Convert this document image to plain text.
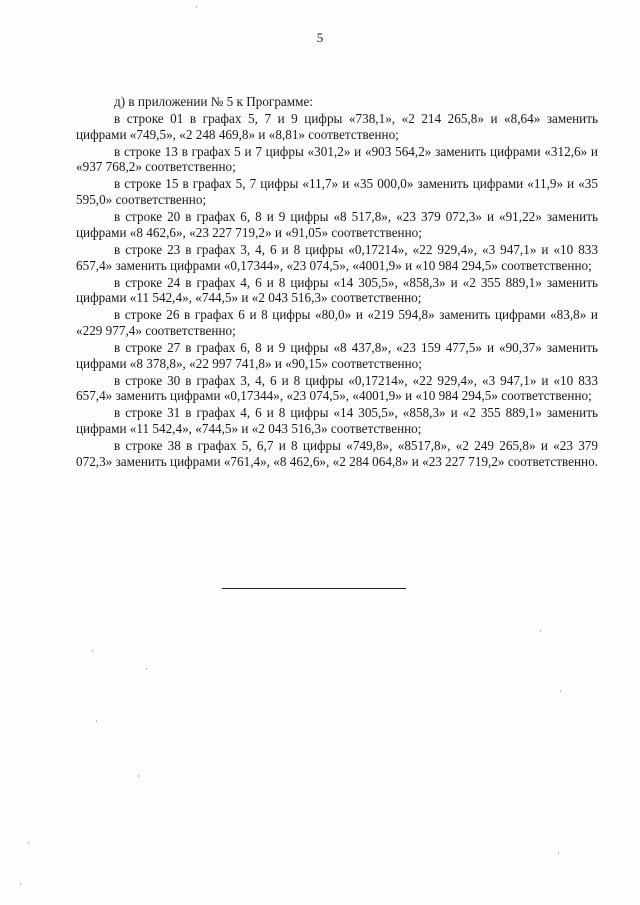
5

д) в приложении № 5 к Программе:

в строке 01 в графах 5, 7 и 9 цифры «738,1», «2 214 265,8» и «8,64» заменить цифрами «749,5», «2 248 469,8» и «8,81» соответственно;

в строке 13 в графах 5 и 7 цифры «301,2» и «903 564,2» заменить цифрами «312,6» и «937 768,2» соответственно;

в строке 15 в графах 5, 7 цифры «11,7» и «35 000,0» заменить цифрами «11,9» и «35 595,0» соответственно;

в строке 20 в графах 6, 8 и 9 цифры «8 517,8», «23 379 072,3» и «91,22» заменить цифрами «8 462,6», «23 227 719,2» и «91,05» соответственно;

в строке 23 в графах 3, 4, 6 и 8 цифры «0,17214», «22 929,4», «3 947,1» и «10 833 657,4» заменить цифрами «0,17344», «23 074,5», «4001,9» и «10 984 294,5» соответственно;

в строке 24 в графах 4, 6 и 8 цифры «14 305,5», «858,3» и «2 355 889,1» заменить цифрами «11 542,4», «744,5» и «2 043 516,3» соответственно;

в строке 26 в графах 6 и 8 цифры «80,0» и «219 594,8» заменить цифрами «83,8» и «229 977,4» соответственно;

в строке 27 в графах 6, 8 и 9 цифры «8 437,8», «23 159 477,5» и «90,37» заменить цифрами «8 378,8», «22 997 741,8» и «90,15» соответственно;

в строке 30 в графах 3, 4, 6 и 8 цифры «0,17214», «22 929,4», «3 947,1» и «10 833 657,4» заменить цифрами «0,17344», «23 074,5», «4001,9» и «10 984 294,5» соответственно;

в строке 31 в графах 4, 6 и 8 цифры «14 305,5», «858,3» и «2 355 889,1» заменить цифрами «11 542,4», «744,5» и «2 043 516,3» соответственно;

в строке 38 в графах 5, 6,7 и 8 цифры «749,8», «8517,8», «2 249 265,8» и «23 379 072,3» заменить цифрами «761,4», «8 462,6», «2 284 064,8» и «23 227 719,2» соответственно.
